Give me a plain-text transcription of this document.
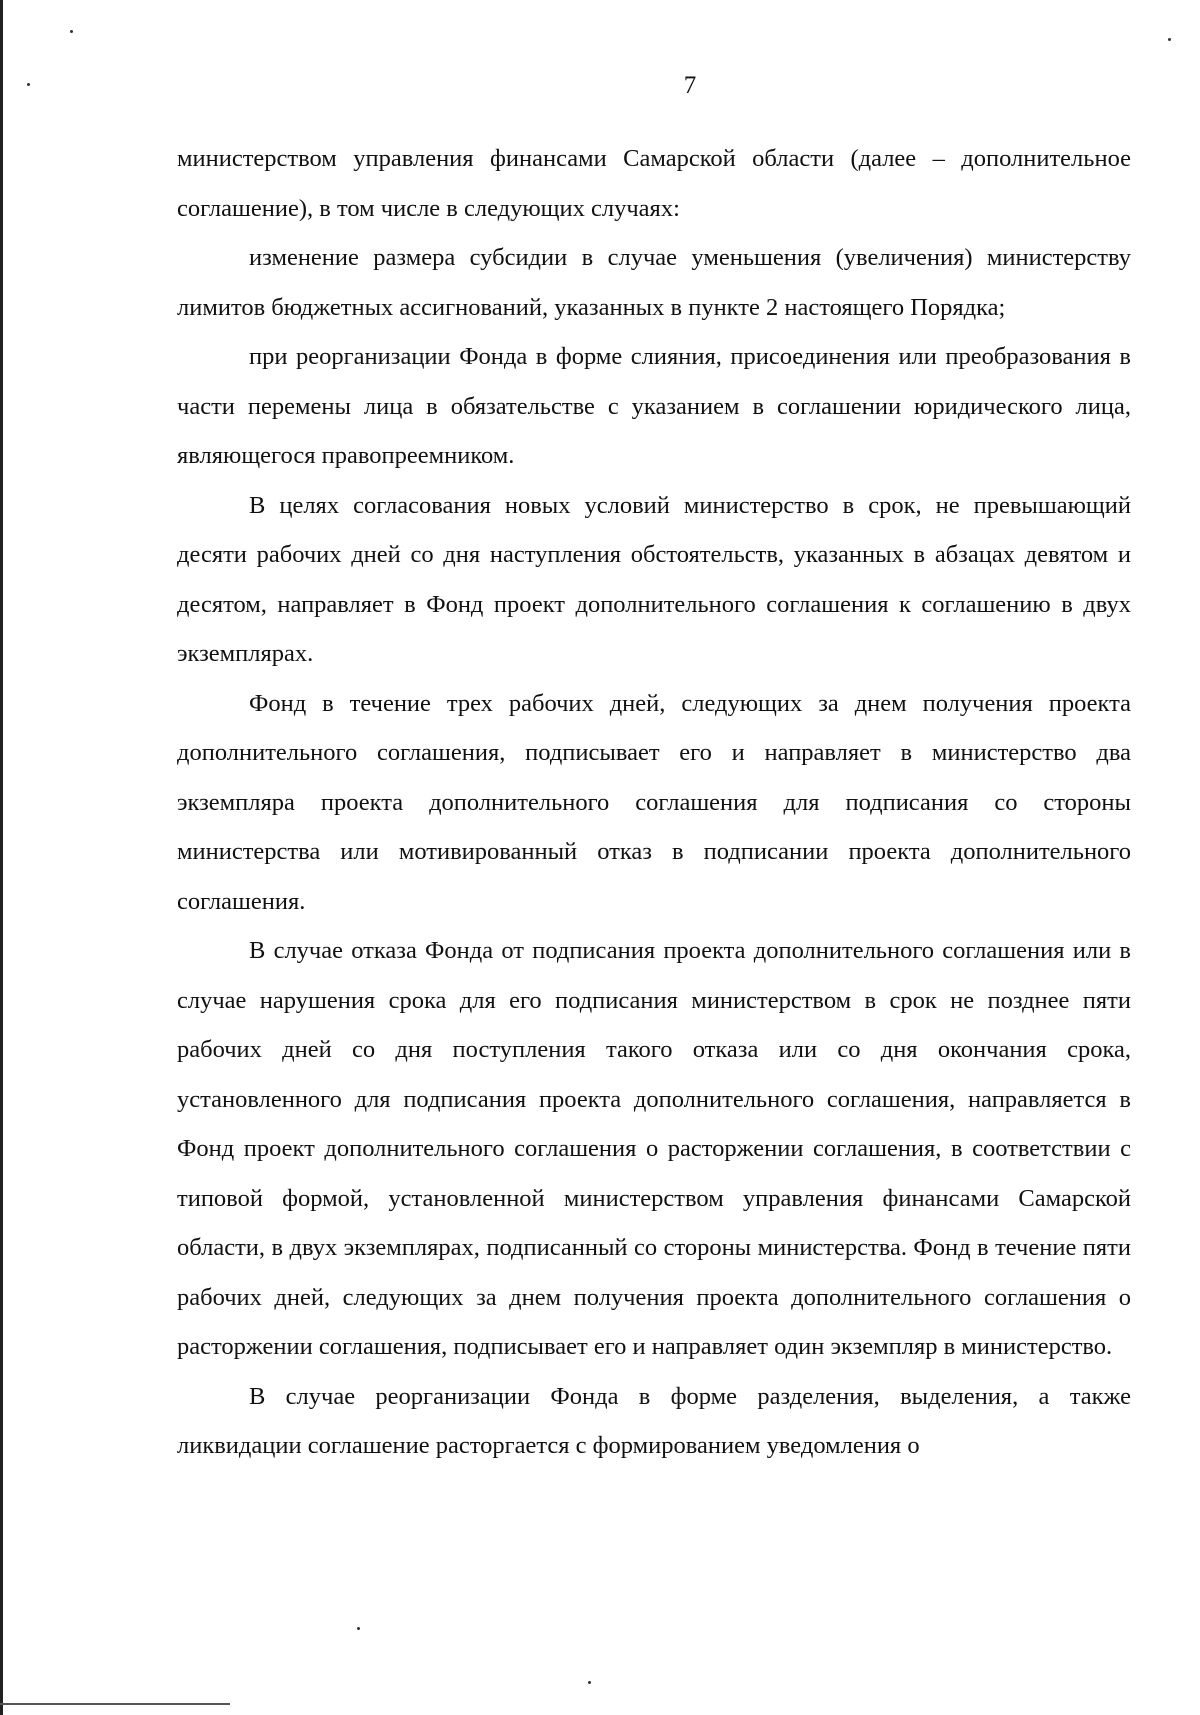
7

министерством управления финансами Самарской области (далее – дополнительное соглашение), в том числе в следующих случаях:

изменение размера субсидии в случае уменьшения (увеличения) министерству лимитов бюджетных ассигнований, указанных в пункте 2 настоящего Порядка;

при реорганизации Фонда в форме слияния, присоединения или преобразования в части перемены лица в обязательстве с указанием в соглашении юридического лица, являющегося правопреемником.

В целях согласования новых условий министерство в срок, не превышающий десяти рабочих дней со дня наступления обстоятельств, указанных в абзацах девятом и десятом, направляет в Фонд проект дополнительного соглашения к соглашению в двух экземплярах.

Фонд в течение трех рабочих дней, следующих за днем получения проекта дополнительного соглашения, подписывает его и направляет в министерство два экземпляра проекта дополнительного соглашения для подписания со стороны министерства или мотивированный отказ в подписании проекта дополнительного соглашения.

В случае отказа Фонда от подписания проекта дополнительного соглашения или в случае нарушения срока для его подписания министерством в срок не позднее пяти рабочих дней со дня поступления такого отказа или со дня окончания срока, установленного для подписания проекта дополнительного соглашения, направляется в Фонд проект дополнительного соглашения о расторжении соглашения, в соответствии с типовой формой, установленной министерством управления финансами Самарской области, в двух экземплярах, подписанный со стороны министерства. Фонд в течение пяти рабочих дней, следующих за днем получения проекта дополнительного соглашения о расторжении соглашения, подписывает его и направляет один экземпляр в министерство.

В случае реорганизации Фонда в форме разделения, выделения, а также ликвидации соглашение расторгается с формированием уведомления о
